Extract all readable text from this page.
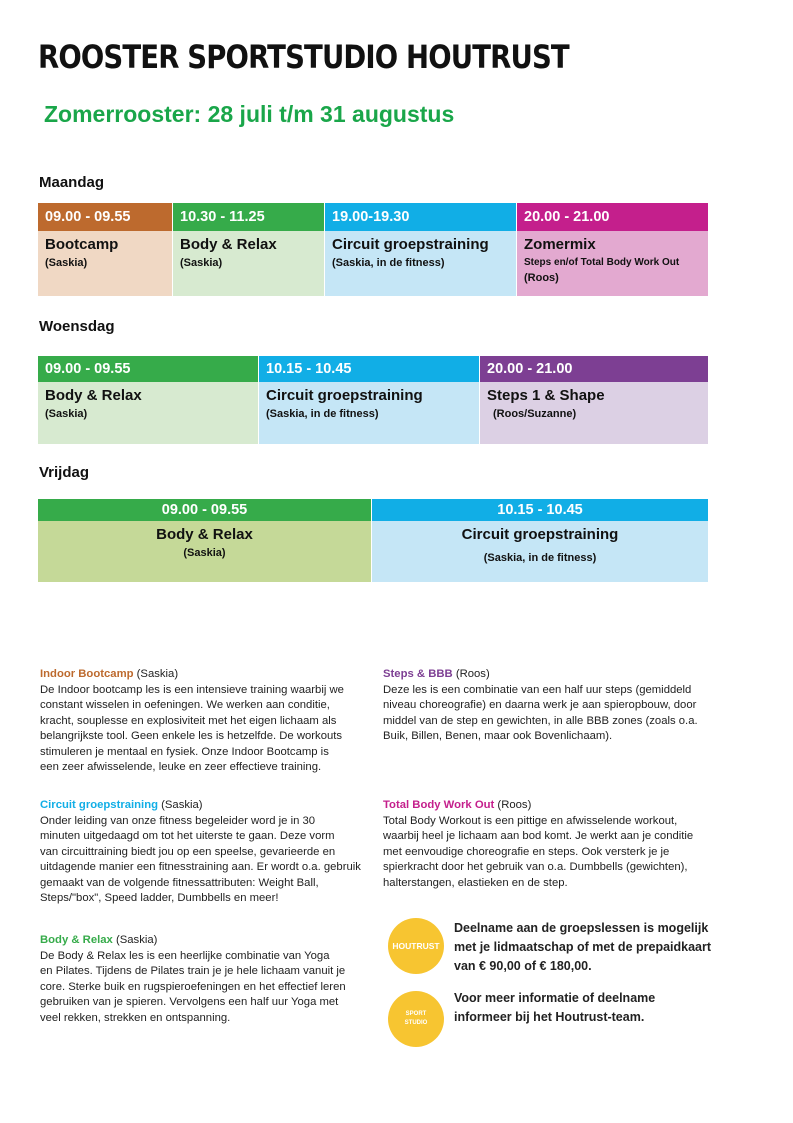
ROOSTER SPORTSTUDIO HOUTRUST
Zomerrooster: 28 juli t/m 31 augustus
Maandag
09.00 - 09.55
Bootcamp
(Saskia)
10.30 - 11.25
Body & Relax
(Saskia)
19.00-19.30
Circuit groepstraining
(Saskia, in de fitness)
20.00 - 21.00
Zomermix
Steps en/of Total Body Work Out
(Roos)
Woensdag
09.00 - 09.55
Body & Relax
(Saskia)
10.15 - 10.45
Circuit groepstraining
(Saskia, in de fitness)
20.00 - 21.00
Steps 1 & Shape
(Roos/Suzanne)
Vrijdag
09.00 - 09.55
Body & Relax
(Saskia)
10.15 - 10.45
Circuit groepstraining
(Saskia, in de fitness)

Indoor Bootcamp (Saskia)

De Indoor bootcamp les is een intensieve training waarbij we

constant wisselen in oefeningen. We werken aan conditie,

kracht, souplesse en explosiviteit met het eigen lichaam als

belangrijkste tool. Geen enkele les is hetzelfde. De workouts

stimuleren je mentaal en fysiek. Onze Indoor Bootcamp is

een zeer afwisselende, leuke en zeer effectieve training.

Circuit groepstraining (Saskia)

Onder leiding van onze fitness begeleider word je in 30

minuten uitgedaagd om tot het uiterste te gaan. Deze vorm

van circuittraining biedt jou op een speelse, gevarieerde en

uitdagende manier een fitnesstraining aan. Er wordt o.a. gebruik

gemaakt van de volgende fitnessattributen: Weight Ball,

Steps/"box", Speed ladder, Dumbbells en meer!

Body & Relax (Saskia)

De Body & Relax les is een heerlijke combinatie van Yoga

en Pilates. Tijdens de Pilates train je je hele lichaam vanuit je

core. Sterke buik en rugspieroefeningen en het effectief leren

gebruiken van je spieren. Vervolgens een half uur Yoga met

veel rekken, strekken en ontspanning.

Steps & BBB (Roos)

Deze les is een combinatie van een half uur steps (gemiddeld

niveau choreografie) en daarna werk je aan spieropbouw, door

middel van de step en gewichten, in alle BBB zones (zoals o.a.

Buik, Billen, Benen, maar ook Bovenlichaam).

Total Body Work Out (Roos)

Total Body Workout is een pittige en afwisselende workout,

waarbij heel je lichaam aan bod komt. Je werkt aan je conditie

met eenvoudige choreografie en steps. Ook versterk je je

spierkracht door het gebruik van o.a. Dumbbells (gewichten),

halterstangen, elastieken en de step.

HOUTRUST
SPORT
STUDIO
Deelname aan de groepslessen is mogelijk
met je lidmaatschap of met de prepaidkaart
van € 90,00 of € 180,00.
Voor meer informatie of deelname
informeer bij het Houtrust-team.
